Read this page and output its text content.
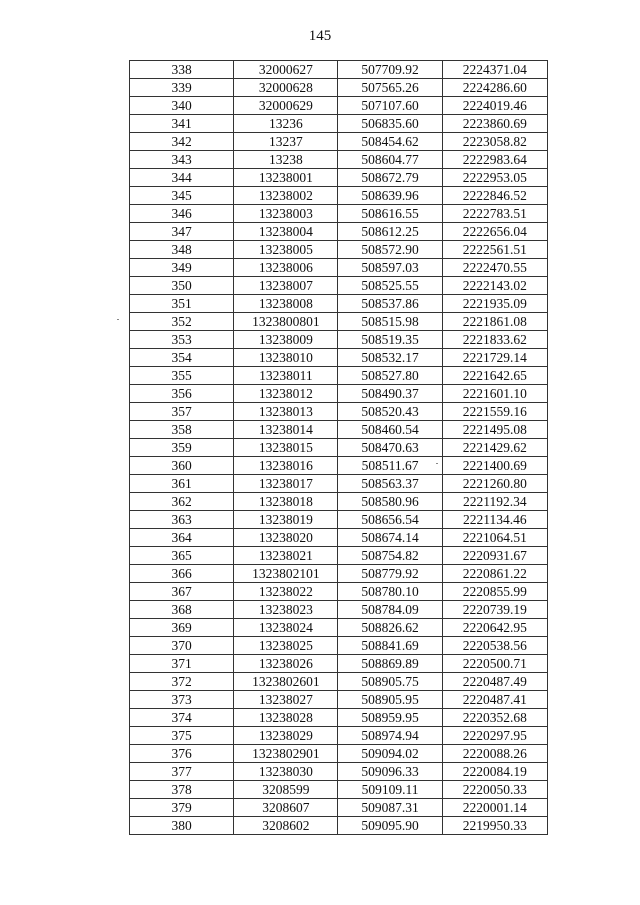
145
338	32000627	507709.92	2224371.04
339	32000628	507565.26	2224286.60
340	32000629	507107.60	2224019.46
341	13236	506835.60	2223860.69
342	13237	508454.62	2223058.82
343	13238	508604.77	2222983.64
344	13238001	508672.79	2222953.05
345	13238002	508639.96	2222846.52
346	13238003	508616.55	2222783.51
347	13238004	508612.25	2222656.04
348	13238005	508572.90	2222561.51
349	13238006	508597.03	2222470.55
350	13238007	508525.55	2222143.02
351	13238008	508537.86	2221935.09
352	1323800801	508515.98	2221861.08
353	13238009	508519.35	2221833.62
354	13238010	508532.17	2221729.14
355	13238011	508527.80	2221642.65
356	13238012	508490.37	2221601.10
357	13238013	508520.43	2221559.16
358	13238014	508460.54	2221495.08
359	13238015	508470.63	2221429.62
360	13238016	508511.67	2221400.69
361	13238017	508563.37	2221260.80
362	13238018	508580.96	2221192.34
363	13238019	508656.54	2221134.46
364	13238020	508674.14	2221064.51
365	13238021	508754.82	2220931.67
366	1323802101	508779.92	2220861.22
367	13238022	508780.10	2220855.99
368	13238023	508784.09	2220739.19
369	13238024	508826.62	2220642.95
370	13238025	508841.69	2220538.56
371	13238026	508869.89	2220500.71
372	1323802601	508905.75	2220487.49
373	13238027	508905.95	2220487.41
374	13238028	508959.95	2220352.68
375	13238029	508974.94	2220297.95
376	1323802901	509094.02	2220088.26
377	13238030	509096.33	2220084.19
378	3208599	509109.11	2220050.33
379	3208607	509087.31	2220001.14
380	3208602	509095.90	2219950.33
